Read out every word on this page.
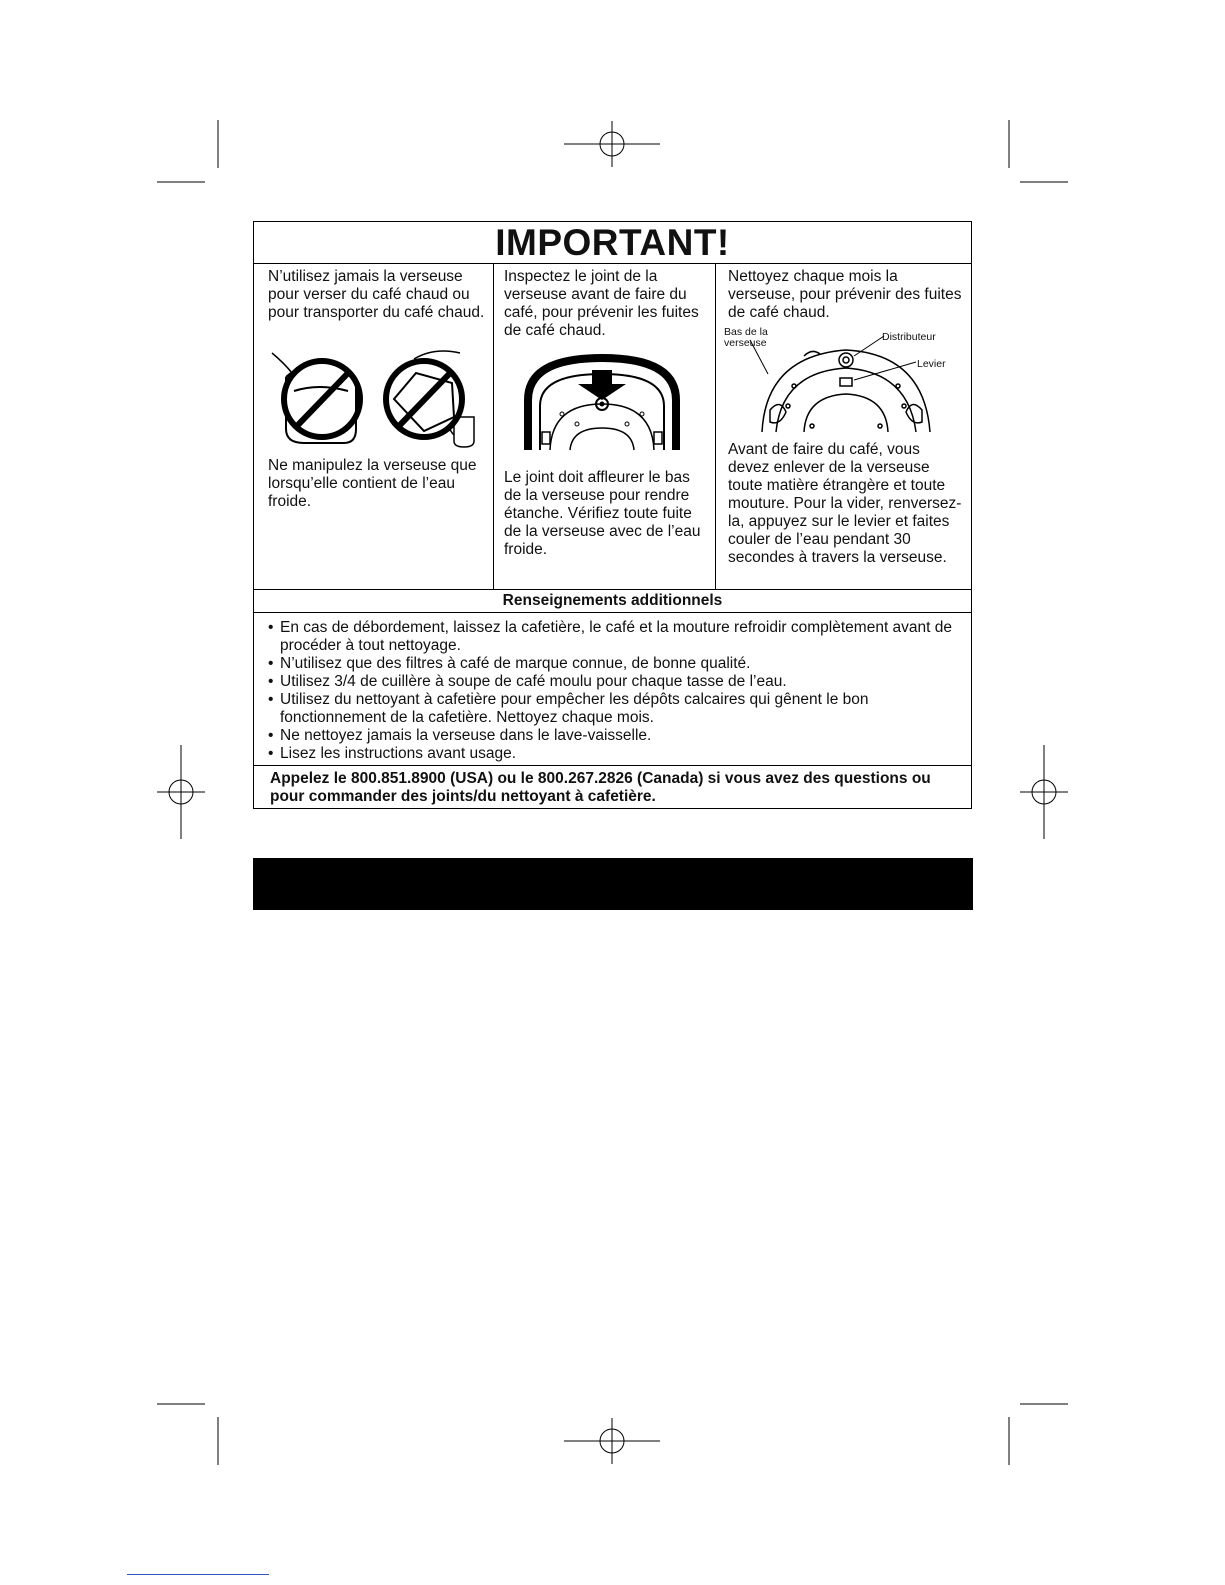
IMPORTANT!

N’utilisez jamais la verseuse pour verser du café chaud ou pour transporter du café chaud.

Ne manipulez la verseuse que lorsqu’elle contient de l’eau froide.

Inspectez le joint de la verseuse avant de faire du café, pour prévenir les fuites de café chaud.

Le joint doit affleurer le bas de la verseuse pour rendre étanche. Vérifiez toute fuite de la verseuse avec de l’eau froide.

Nettoyez chaque mois la verseuse, pour prévenir des fuites de café chaud.

Bas de la verseuse	Distributeur
Levier

Avant de faire du café, vous devez enlever de la verseuse toute matière étrangère et toute mouture. Pour la vider, renversez-la, appuyez sur le levier et faites couler de l’eau pendant 30 secondes à travers la verseuse.

Renseignements additionnels
• En cas de débordement, laissez la cafetière, le café et la mouture refroidir complètement avant de procéder à tout nettoyage.
• N’utilisez que des filtres à café de marque connue, de bonne qualité.
• Utilisez 3/4 de cuillère à soupe de café moulu pour chaque tasse de l’eau.
• Utilisez du nettoyant à cafetière pour empêcher les dépôts calcaires qui gênent le bon fonctionnement de la cafetière. Nettoyez chaque mois.
• Ne nettoyez jamais la verseuse dans le lave-vaisselle.
• Lisez les instructions avant usage.
Appelez le 800.851.8900 (USA) ou le 800.267.2826 (Canada) si vous avez des questions ou pour commander des joints/du nettoyant à cafetière.
